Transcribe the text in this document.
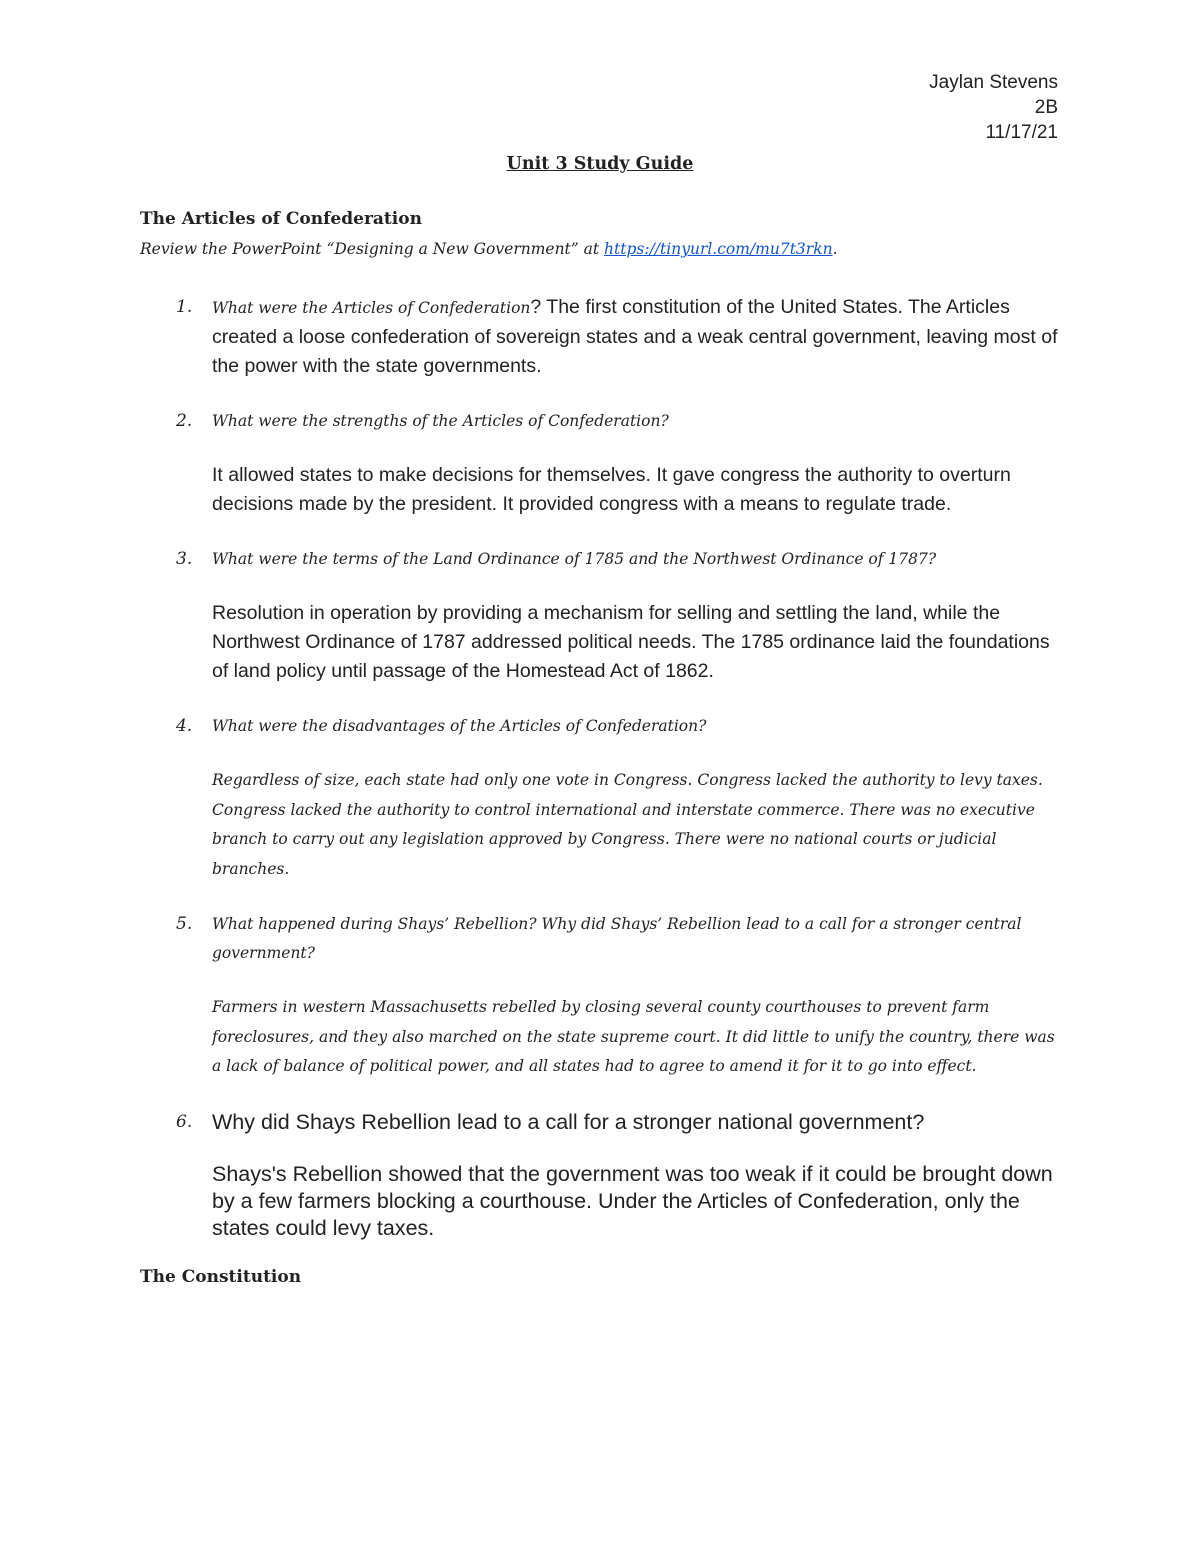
Jaylan Stevens
2B
11/17/21
Unit 3 Study Guide
The Articles of Confederation
Review the PowerPoint “Designing a New Government” at https://tinyurl.com/mu7t3rkn.
1. What were the Articles of Confederation? The first constitution of the United States. The Articles created a loose confederation of sovereign states and a weak central government, leaving most of the power with the state governments.
2. What were the strengths of the Articles of Confederation?
It allowed states to make decisions for themselves. It gave congress the authority to overturn decisions made by the president. It provided congress with a means to regulate trade.
3. What were the terms of the Land Ordinance of 1785 and the Northwest Ordinance of 1787?
Resolution in operation by providing a mechanism for selling and settling the land, while the Northwest Ordinance of 1787 addressed political needs. The 1785 ordinance laid the foundations of land policy until passage of the Homestead Act of 1862.
4. What were the disadvantages of the Articles of Confederation?
Regardless of size, each state had only one vote in Congress. Congress lacked the authority to levy taxes. Congress lacked the authority to control international and interstate commerce. There was no executive branch to carry out any legislation approved by Congress. There were no national courts or judicial branches.
5. What happened during Shays’ Rebellion? Why did Shays’ Rebellion lead to a call for a stronger central government?
Farmers in western Massachusetts rebelled by closing several county courthouses to prevent farm foreclosures, and they also marched on the state supreme court. It did little to unify the country, there was a lack of balance of political power, and all states had to agree to amend it for it to go into effect.
6. Why did Shays Rebellion lead to a call for a stronger national government?
Shays's Rebellion showed that the government was too weak if it could be brought down by a few farmers blocking a courthouse. Under the Articles of Confederation, only the states could levy taxes.
The Constitution
